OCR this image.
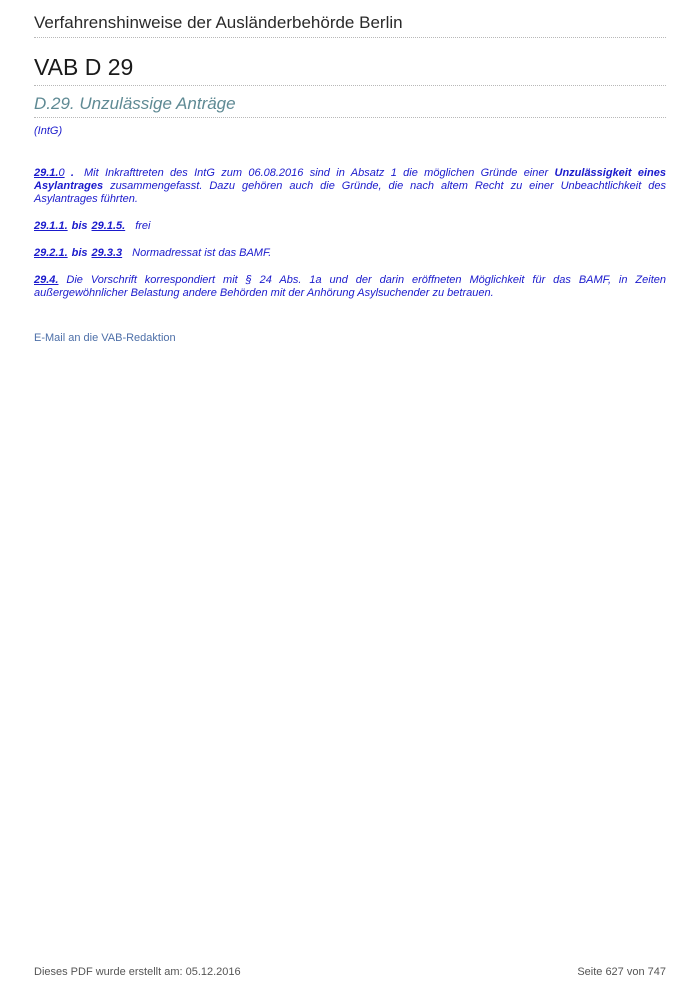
Verfahrenshinweise der Ausländerbehörde Berlin
VAB D 29
D.29. Unzulässige Anträge
(IntG)
29.1.0 . Mit Inkrafttreten des IntG zum 06.08.2016 sind in Absatz 1 die möglichen Gründe einer Unzulässigkeit eines Asylantrages zusammengefasst. Dazu gehören auch die Gründe, die nach altem Recht zu einer Unbeachtlichkeit des Asylantrages führten.
29.1.1. bis 29.1.5. frei
29.2.1. bis 29.3.3 Normadressat ist das BAMF.
29.4. Die Vorschrift korrespondiert mit § 24 Abs. 1a und der darin eröffneten Möglichkeit für das BAMF, in Zeiten außergewöhnlicher Belastung andere Behörden mit der Anhörung Asylsuchender zu betrauen.
E-Mail an die VAB-Redaktion
Dieses PDF wurde erstellt am: 05.12.2016	Seite 627 von 747
